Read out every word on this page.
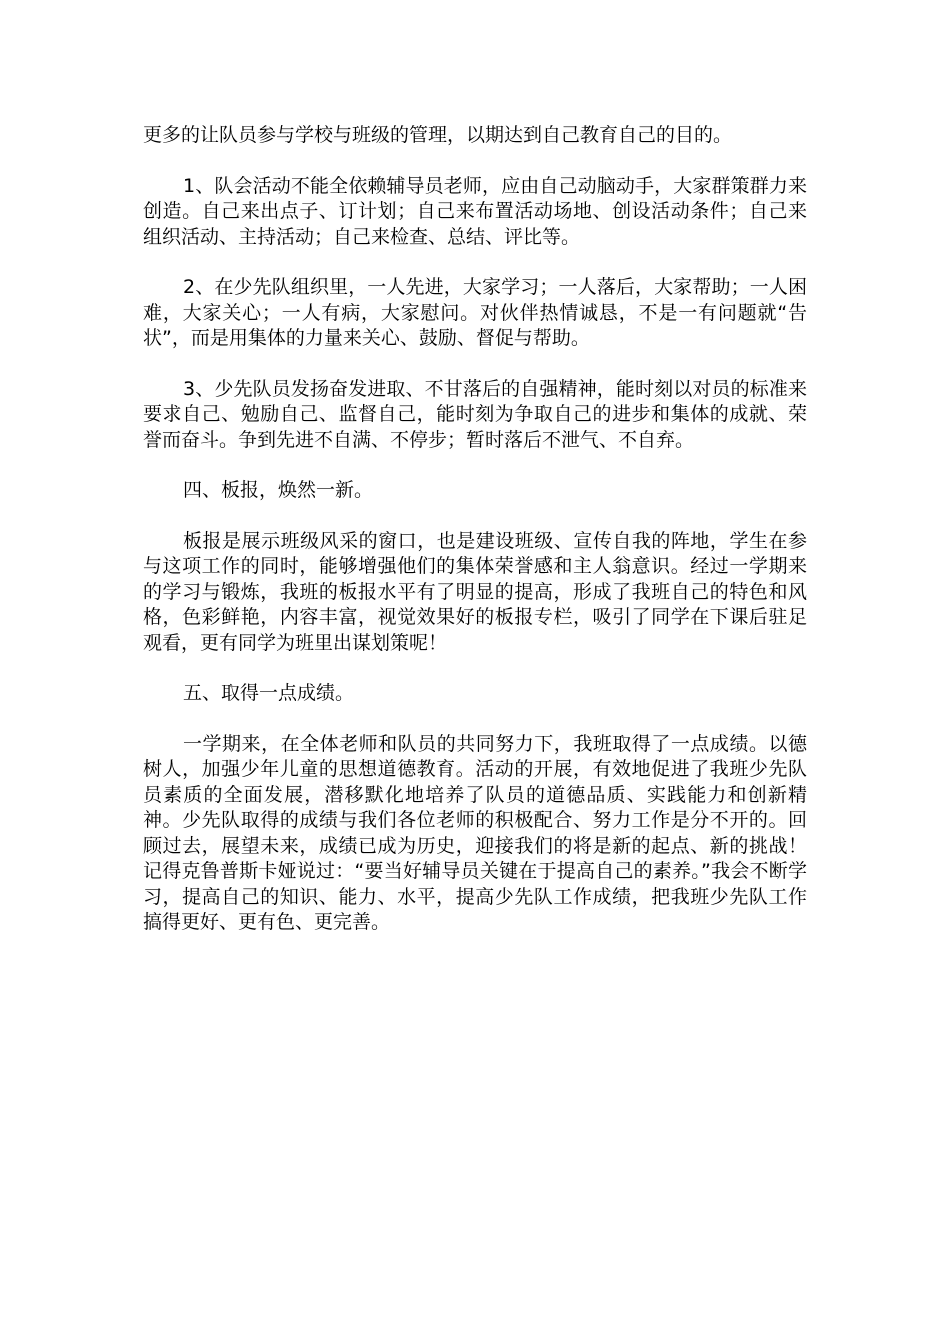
更多的让队员参与学校与班级的管理，以期达到自己教育自己的目的。

1、队会活动不能全依赖辅导员老师，应由自己动脑动手，大家群策群力来创造。自己来出点子、订计划；自己来布置活动场地、创设活动条件；自己来组织活动、主持活动；自己来检查、总结、评比等。

2、在少先队组织里，一人先进，大家学习；一人落后，大家帮助；一人困难，大家关心；一人有病，大家慰问。对伙伴热情诚恳，不是一有问题就“告状”，而是用集体的力量来关心、鼓励、督促与帮助。

3、少先队员发扬奋发进取、不甘落后的自强精神，能时刻以对员的标准来要求自己、勉励自己、监督自己，能时刻为争取自己的进步和集体的成就、荣誉而奋斗。争到先进不自满、不停步；暂时落后不泄气、不自弃。

四、板报，焕然一新。

板报是展示班级风采的窗口，也是建设班级、宣传自我的阵地，学生在参与这项工作的同时，能够增强他们的集体荣誉感和主人翁意识。经过一学期来的学习与锻炼，我班的板报水平有了明显的提高，形成了我班自己的特色和风格，色彩鲜艳，内容丰富，视觉效果好的板报专栏，吸引了同学在下课后驻足观看，更有同学为班里出谋划策呢！

五、取得一点成绩。

一学期来，在全体老师和队员的共同努力下，我班取得了一点成绩。以德树人，加强少年儿童的思想道德教育。活动的开展，有效地促进了我班少先队员素质的全面发展，潜移默化地培养了队员的道德品质、实践能力和创新精神。少先队取得的成绩与我们各位老师的积极配合、努力工作是分不开的。回顾过去，展望未来，成绩已成为历史，迎接我们的将是新的起点、新的挑战！记得克鲁普斯卡娅说过：“要当好辅导员关键在于提高自己的素养。”我会不断学习，提高自己的知识、能力、水平，提高少先队工作成绩，把我班少先队工作搞得更好、更有色、更完善。
